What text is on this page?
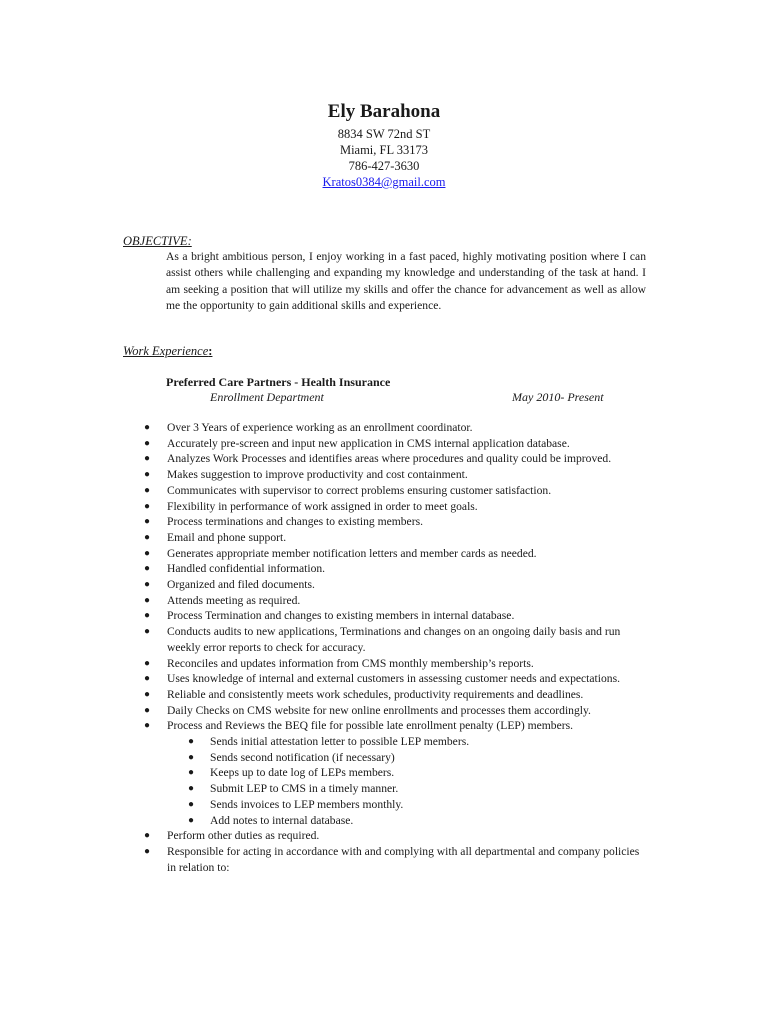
Ely Barahona
8834 SW 72nd ST
Miami, FL 33173
786-427-3630
Kratos0384@gmail.com
OBJECTIVE:
As a bright ambitious person, I enjoy working in a fast paced, highly motivating position where I can assist others while challenging and expanding my knowledge and understanding of the task at hand. I am seeking a position that will utilize my skills and offer the chance for advancement as well as allow me the opportunity to gain additional skills and experience.
Work Experience:
Preferred Care Partners - Health Insurance
Enrollment Department	May 2010- Present
● Over 3 Years of experience working as an enrollment coordinator.
● Accurately pre-screen and input new application in CMS internal application database.
● Analyzes Work Processes and identifies areas where procedures and quality could be improved.
● Makes suggestion to improve productivity and cost containment.
● Communicates with supervisor to correct problems ensuring customer satisfaction.
● Flexibility in performance of work assigned in order to meet goals.
● Process terminations and changes to existing members.
● Email and phone support.
● Generates appropriate member notification letters and member cards as needed.
● Handled confidential information.
● Organized and filed documents.
● Attends meeting as required.
● Process Termination and changes to existing members in internal database.
● Conducts audits to new applications, Terminations and changes on an ongoing daily basis and run weekly error reports to check for accuracy.
● Reconciles and updates information from CMS monthly membership’s reports.
● Uses knowledge of internal and external customers in assessing customer needs and expectations.
● Reliable and consistently meets work schedules, productivity requirements and deadlines.
● Daily Checks on CMS website for new online enrollments and processes them accordingly.
● Process and Reviews the BEQ file for possible late enrollment penalty (LEP) members.
● Sends initial attestation letter to possible LEP members.
● Sends second notification (if necessary)
● Keeps up to date log of LEPs members.
● Submit LEP to CMS in a timely manner.
● Sends invoices to LEP members monthly.
● Add notes to internal database.
● Perform other duties as required.
● Responsible for acting in accordance with and complying with all departmental and company policies in relation to:
